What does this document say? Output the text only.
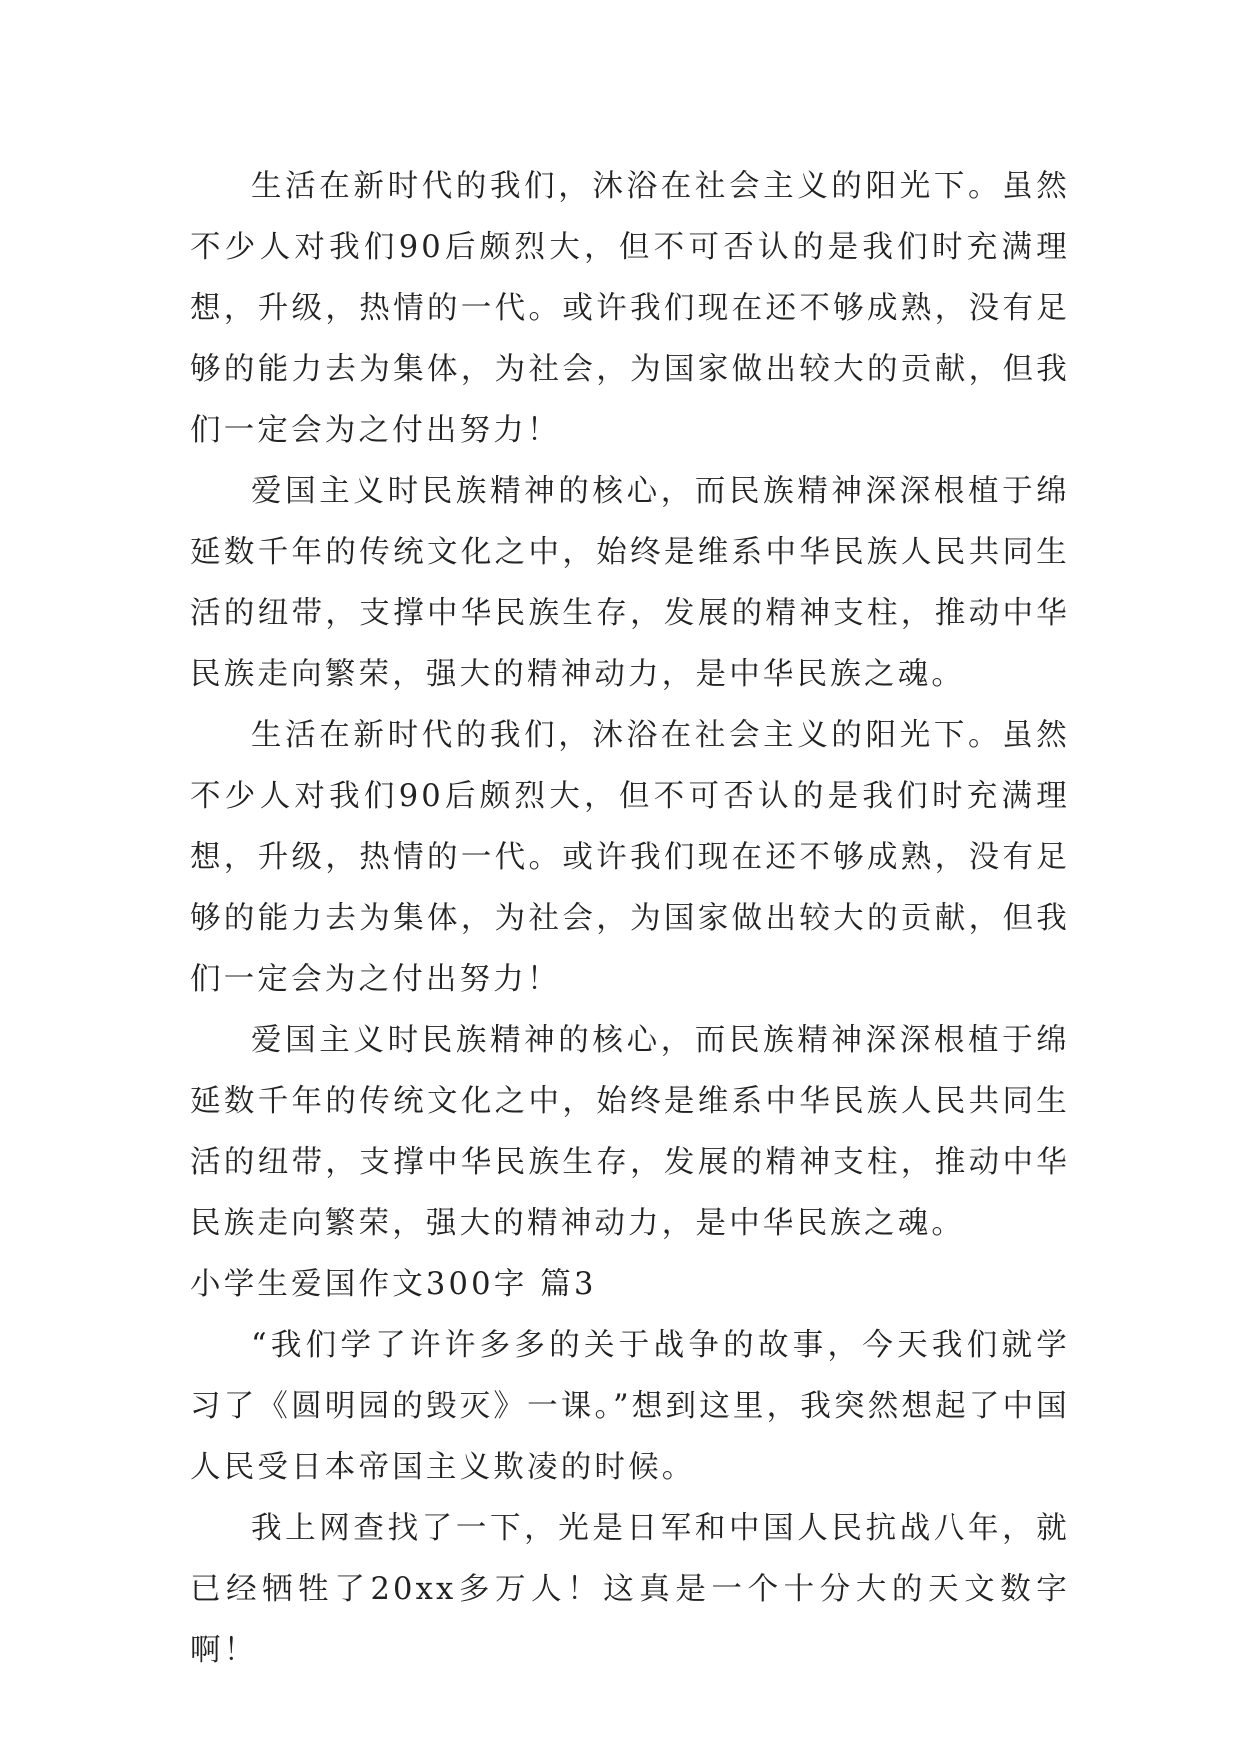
生活在新时代的我们，沐浴在社会主义的阳光下。虽然不少人对我们90后颇烈大，但不可否认的是我们时充满理想，升级，热情的一代。或许我们现在还不够成熟，没有足够的能力去为集体，为社会，为国家做出较大的贡献，但我们一定会为之付出努力！

爱国主义时民族精神的核心，而民族精神深深根植于绵延数千年的传统文化之中，始终是维系中华民族人民共同生活的纽带，支撑中华民族生存，发展的精神支柱，推动中华民族走向繁荣，强大的精神动力，是中华民族之魂。

生活在新时代的我们，沐浴在社会主义的阳光下。虽然不少人对我们90后颇烈大，但不可否认的是我们时充满理想，升级，热情的一代。或许我们现在还不够成熟，没有足够的能力去为集体，为社会，为国家做出较大的贡献，但我们一定会为之付出努力！

爱国主义时民族精神的核心，而民族精神深深根植于绵延数千年的传统文化之中，始终是维系中华民族人民共同生活的纽带，支撑中华民族生存，发展的精神支柱，推动中华民族走向繁荣，强大的精神动力，是中华民族之魂。

小学生爱国作文300字 篇3

“我们学了许许多多的关于战争的故事，今天我们就学习了《圆明园的毁灭》一课。”想到这里，我突然想起了中国人民受日本帝国主义欺凌的时候。

我上网查找了一下，光是日军和中国人民抗战八年，就已经牺牲了20xx多万人！这真是一个十分大的天文数字啊！
